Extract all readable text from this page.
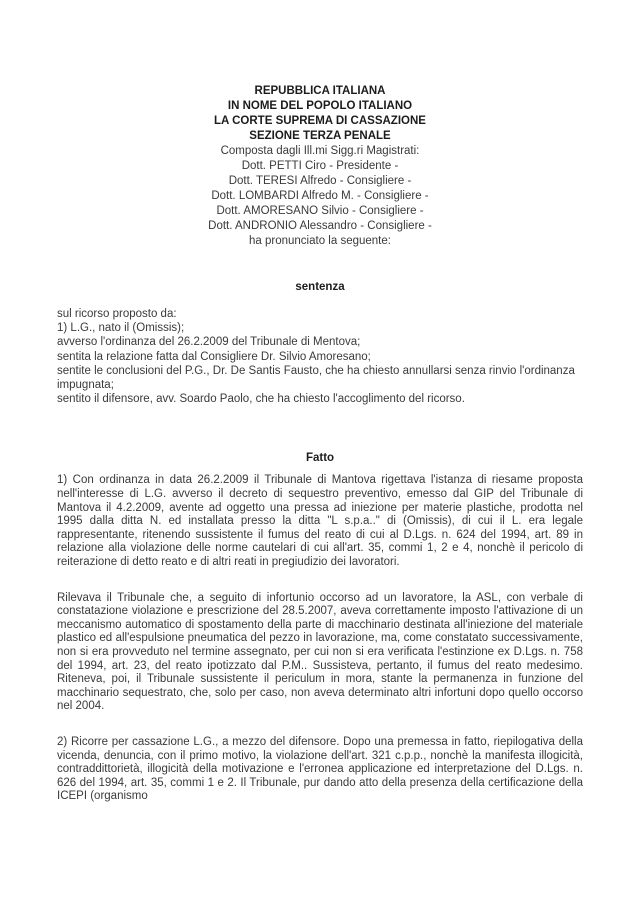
REPUBBLICA ITALIANA
IN NOME DEL POPOLO ITALIANO
LA CORTE SUPREMA DI CASSAZIONE
SEZIONE TERZA PENALE
Composta dagli Ill.mi Sigg.ri Magistrati:
Dott. PETTI Ciro - Presidente -
Dott. TERESI Alfredo - Consigliere -
Dott. LOMBARDI Alfredo M. - Consigliere -
Dott. AMORESANO Silvio - Consigliere -
Dott. ANDRONIO Alessandro - Consigliere -
ha pronunciato la seguente:
sentenza
sul ricorso proposto da:
1) L.G., nato il (Omissis);
avverso l'ordinanza del 26.2.2009 del Tribunale di Mentova;
sentita la relazione fatta dal Consigliere Dr. Silvio Amoresano;
sentite le conclusioni del P.G., Dr. De Santis Fausto, che ha chiesto annullarsi senza rinvio l'ordinanza impugnata;
sentito il difensore, avv. Soardo Paolo, che ha chiesto l'accoglimento del ricorso.
Fatto

1) Con ordinanza in data 26.2.2009 il Tribunale di Mantova rigettava l'istanza di riesame proposta nell'interesse di L.G. avverso il decreto di sequestro preventivo, emesso dal GIP del Tribunale di Mantova il 4.2.2009, avente ad oggetto una pressa ad iniezione per materie plastiche, prodotta nel 1995 dalla ditta N. ed installata presso la ditta "L s.p.a.." di (Omissis), di cui il L. era legale rappresentante, ritenendo sussistente il fumus del reato di cui al D.Lgs. n. 624 del 1994, art. 89 in relazione alla violazione delle norme cautelari di cui all'art. 35, commi 1, 2 e 4, nonchè il pericolo di reiterazione di detto reato e di altri reati in pregiudizio dei lavoratori.

Rilevava il Tribunale che, a seguito di infortunio occorso ad un lavoratore, la ASL, con verbale di constatazione violazione e prescrizione del 28.5.2007, aveva correttamente imposto l'attivazione di un meccanismo automatico di spostamento della parte di macchinario destinata all'iniezione del materiale plastico ed all'espulsione pneumatica del pezzo in lavorazione, ma, come constatato successivamente, non si era provveduto nel termine assegnato, per cui non si era verificata l'estinzione ex D.Lgs. n. 758 del 1994, art. 23, del reato ipotizzato dal P.M.. Sussisteva, pertanto, il fumus del reato medesimo. Riteneva, poi, il Tribunale sussistente il periculum in mora, stante la permanenza in funzione del macchinario sequestrato, che, solo per caso, non aveva determinato altri infortuni dopo quello occorso nel 2004.

2) Ricorre per cassazione L.G., a mezzo del difensore. Dopo una premessa in fatto, riepilogativa della vicenda, denuncia, con il primo motivo, la violazione dell'art. 321 c.p.p., nonchè la manifesta illogicità, contraddittorietà, illogicità della motivazione e l'erronea applicazione ed interpretazione del D.Lgs. n. 626 del 1994, art. 35, commi 1 e 2. Il Tribunale, pur dando atto della presenza della certificazione della ICEPI (organismo
